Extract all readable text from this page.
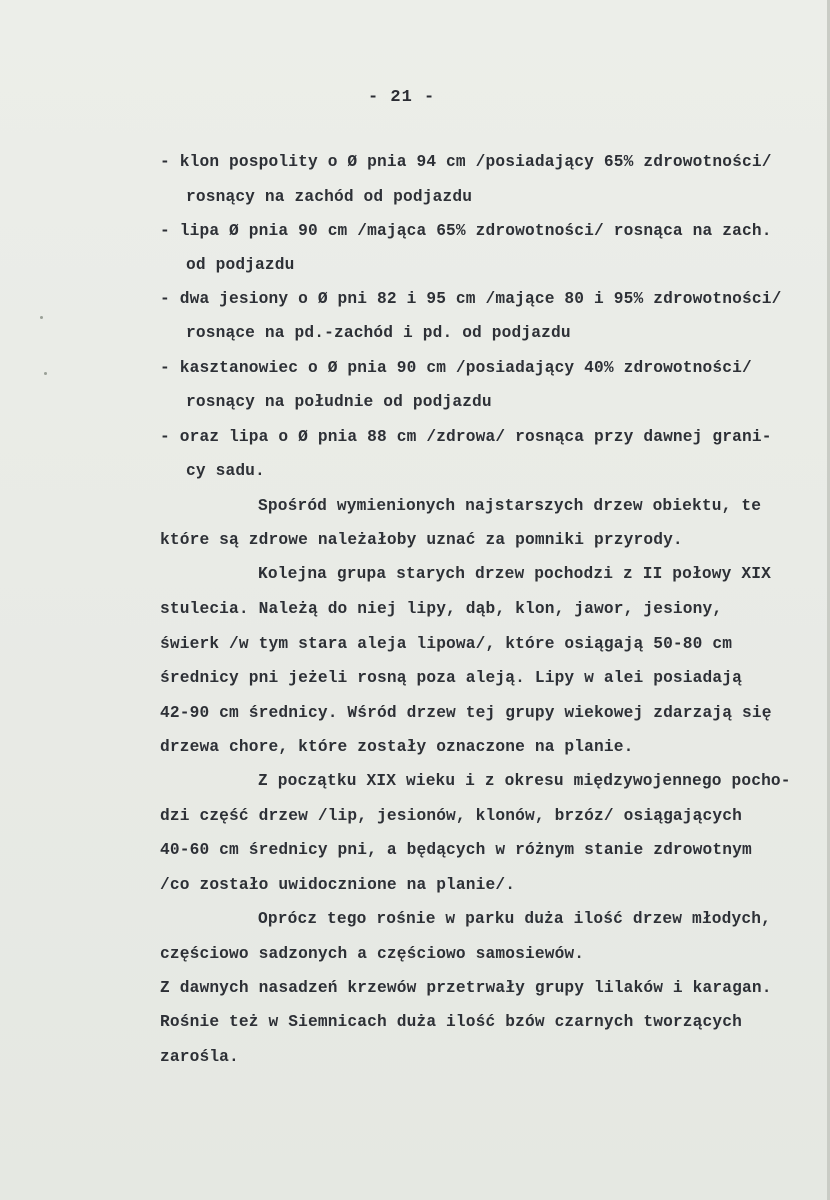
- 21 -
- klon pospolity o Ø pnia 94 cm /posiadający 65% zdrowotności/
rosnący na zachód od podjazdu
- lipa Ø pnia 90 cm /mająca 65% zdrowotności/ rosnąca na zach.
od podjazdu
- dwa jesiony o Ø pni 82 i 95 cm /mające 80 i 95% zdrowotności/
rosnące na pd.-zachód i pd. od podjazdu
- kasztanowiec o Ø pnia 90 cm /posiadający 40% zdrowotności/
rosnący na południe od podjazdu
- oraz lipa o Ø pnia 88 cm /zdrowa/ rosnąca przy dawnej grani-
cy sadu.
Spośród wymienionych najstarszych drzew obiektu, te
które są zdrowe należałoby uznać za pomniki przyrody.
Kolejna grupa starych drzew pochodzi z II połowy XIX
stulecia. Należą do niej lipy, dąb, klon, jawor, jesiony,
świerk /w tym stara aleja lipowa/, które osiągają 50-80 cm
średnicy pni jeżeli rosną poza aleją. Lipy w alei posiadają
42-90 cm średnicy. Wśród drzew tej grupy wiekowej zdarzają się
drzewa chore, które zostały oznaczone na planie.
Z początku XIX wieku i z okresu międzywojennego pocho-
dzi część drzew /lip, jesionów, klonów, brzóz/ osiągających
40-60 cm średnicy pni, a będących w różnym stanie zdrowotnym
/co zostało uwidocznione na planie/.
Oprócz tego rośnie w parku duża ilość drzew młodych,
częściowo sadzonych a częściowo samosiewów.
Z dawnych nasadzeń krzewów przetrwały grupy lilaków i karagan.
Rośnie też w Siemnicach duża ilość bzów czarnych tworzących
zarośla.
